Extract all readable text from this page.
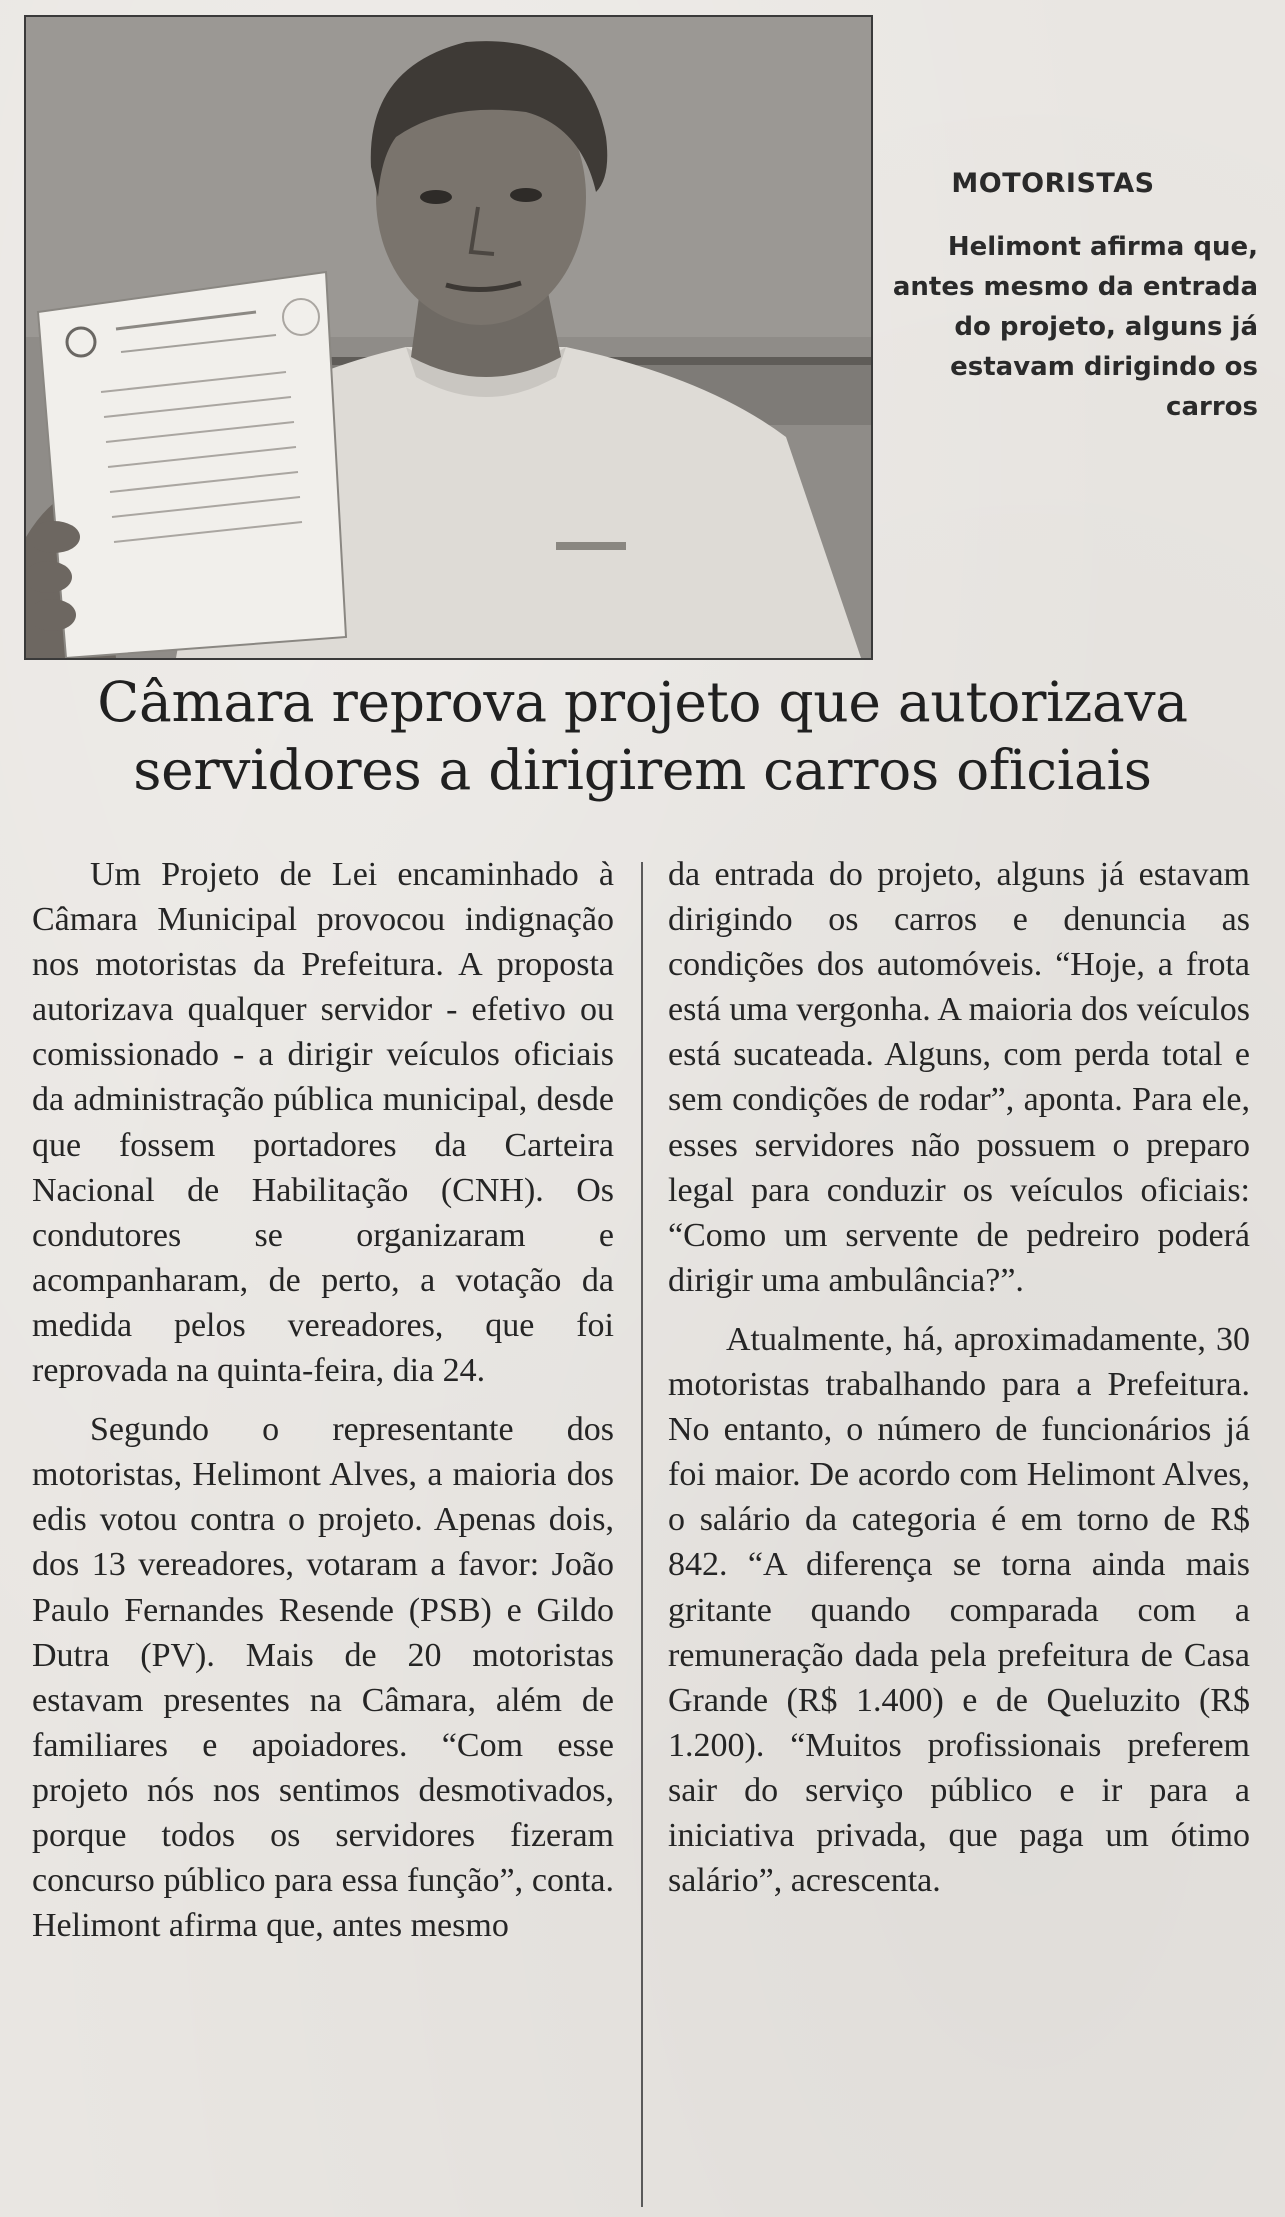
MOTORISTAS
Helimont afirma que, antes mesmo da entrada do projeto, alguns já estavam dirigindo os carros
Câmara reprova projeto que autorizava
servidores a dirigirem carros oficiais

Um Projeto de Lei encaminhado à Câmara Municipal provocou indignação nos motoristas da Prefeitura. A proposta autorizava qualquer servidor - efetivo ou comissionado - a dirigir veículos oficiais da administração pública municipal, desde que fossem portadores da Carteira Nacional de Habilitação (CNH). Os condutores se organizaram e acompanharam, de perto, a votação da medida pelos vereadores, que foi reprovada na quinta-feira, dia 24.

Segundo o representante dos motoristas, Helimont Alves, a maioria dos edis votou contra o projeto. Apenas dois, dos 13 vereadores, votaram a favor: João Paulo Fernandes Resende (PSB) e Gildo Dutra (PV). Mais de 20 motoristas estavam presentes na Câmara, além de familiares e apoiadores. “Com esse projeto nós nos sentimos desmotivados, porque todos os servidores fizeram concurso público para essa função”, conta. Helimont afirma que, antes mesmo

da entrada do projeto, alguns já estavam dirigindo os carros e denuncia as condições dos automóveis. “Hoje, a frota está uma vergonha. A maioria dos veículos está sucateada. Alguns, com perda total e sem condições de rodar”, aponta. Para ele, esses servidores não possuem o preparo legal para conduzir os veículos oficiais: “Como um servente de pedreiro poderá dirigir uma ambulância?”.

Atualmente, há, aproximadamente, 30 motoristas trabalhando para a Prefeitura. No entanto, o número de funcionários já foi maior. De acordo com Helimont Alves, o salário da categoria é em torno de R$ 842. “A diferença se torna ainda mais gritante quando comparada com a remuneração dada pela prefeitura de Casa Grande (R$ 1.400) e de Queluzito (R$ 1.200). “Muitos profissionais preferem sair do serviço público e ir para a iniciativa privada, que paga um ótimo salário”, acrescenta.
